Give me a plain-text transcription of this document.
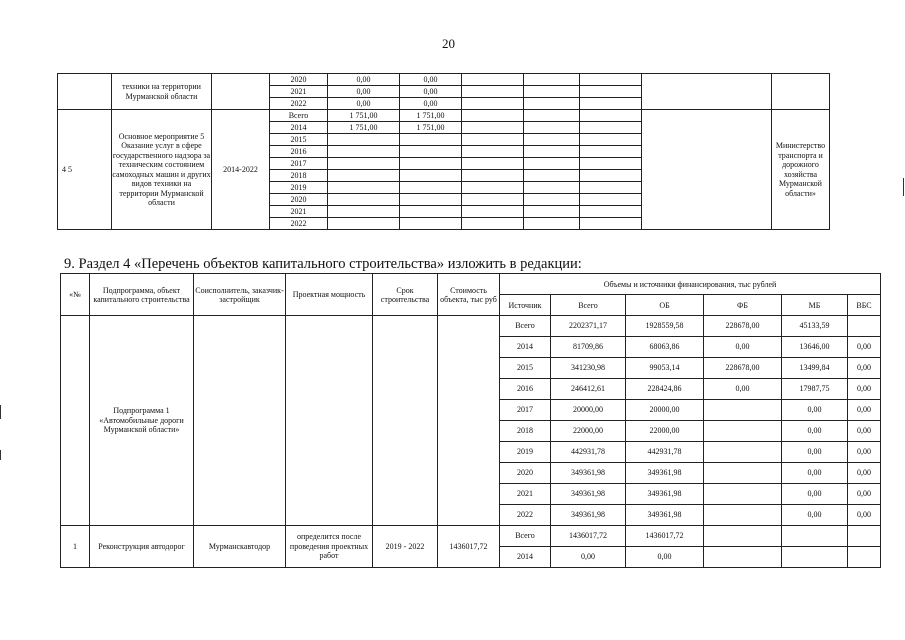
20
	техники на территории Мурманской области		2020	0,00	0,00					
			2021	0,00	0,00					
			2022	0,00	0,00					
4 5	Основное мероприятие 5 Оказание услуг в сфере государственного надзора за техническим состоянием самоходных машин и других видов техники на территории Мурманской области	2014-2022	Всего	1 751,00	1 751,00					Министерство транспорта и дорожного хозяйства Мурманской области»
			2014	1 751,00	1 751,00					
			2015							
			2016							
			2017							
			2018							
			2019							
			2020							
			2021							
			2022							
9. Раздел 4 «Перечень объектов капитального строительства» изложить в редакции:
«№	Подпрограмма, объект капитального строительства	Соисполнитель, заказчик-застройщик	Проектная мощность	Срок строительства	Стоимость объекта, тыс руб	Объемы и источники финансирования, тыс рублей					
						Источник	Всего	ОБ	ФБ	МБ	ВБС
	Подпрограмма 1 «Автомобильные дороги Мурманской области»					Всего	2202371,17	1928559,58	228678,00	45133,59	
						2014	81709,86	68063,86	0,00	13646,00	0,00
						2015	341230,98	99053,14	228678,00	13499,84	0,00
						2016	246412,61	228424,86	0,00	17987,75	0,00
						2017	20000,00	20000,00		0,00	0,00
						2018	22000,00	22000,00		0,00	0,00
						2019	442931,78	442931,78		0,00	0,00
						2020	349361,98	349361,98		0,00	0,00
						2021	349361,98	349361,98		0,00	0,00
						2022	349361,98	349361,98		0,00	0,00
1	Реконструкция автодорог	Мурманскавтодор	определится после проведения проектных работ	2019 - 2022	1436017,72	Всего	1436017,72	1436017,72			
						2014	0,00	0,00			
